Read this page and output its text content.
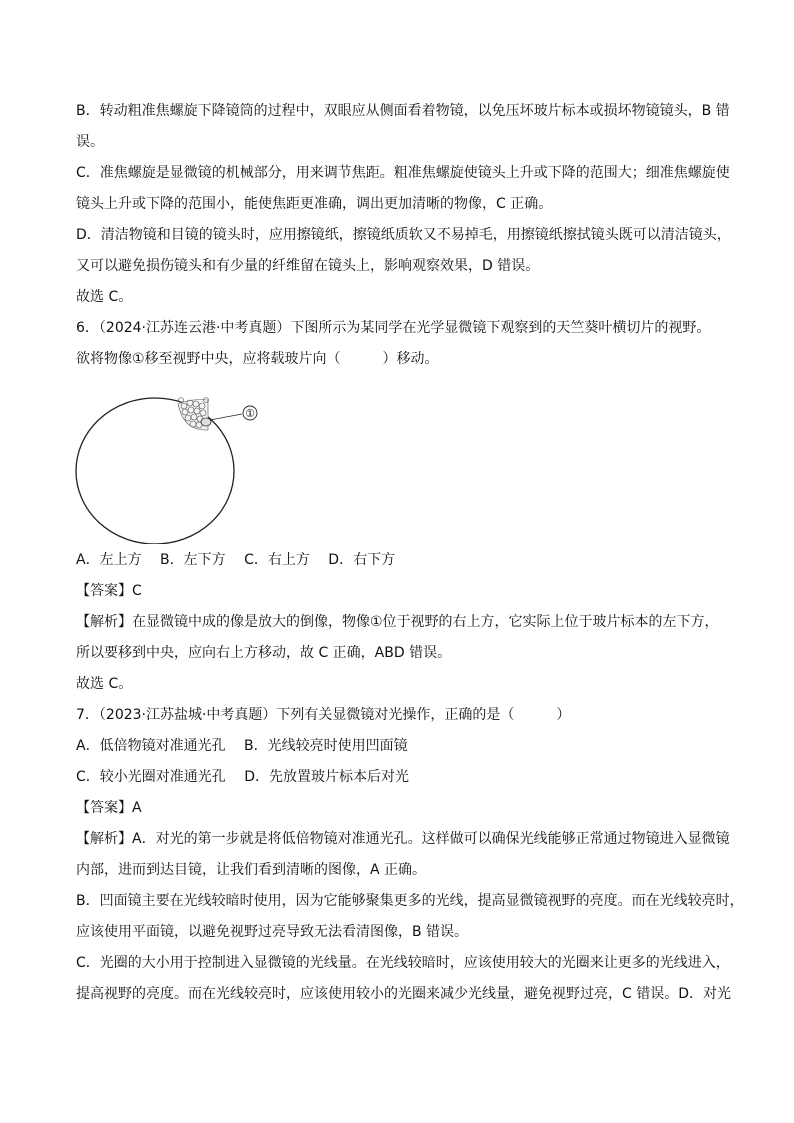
B．转动粗准焦螺旋下降镜筒的过程中，双眼应从侧面看着物镜，以免压坏玻片标本或损坏物镜镜头，B 错
误。
C．准焦螺旋是显微镜的机械部分，用来调节焦距。粗准焦螺旋使镜头上升或下降的范围大；细准焦螺旋使
镜头上升或下降的范围小，能使焦距更准确，调出更加清晰的物像，C 正确。
D．清洁物镜和目镜的镜头时，应用擦镜纸，擦镜纸质软又不易掉毛，用擦镜纸擦拭镜头既可以清洁镜头，
又可以避免损伤镜头和有少量的纤维留在镜头上，影响观察效果，D 错误。
故选 C。
6．（2024·江苏连云港·中考真题）下图所示为某同学在光学显微镜下观察到的天竺葵叶横切片的视野。
欲将物像①移至视野中央，应将载玻片向（　　　）移动。
①
A．左上方　 B．左下方　 C．右上方　 D．右下方
【答案】C
【解析】在显微镜中成的像是放大的倒像，物像①位于视野的右上方，它实际上位于玻片标本的左下方，
所以要移到中央，应向右上方移动，故 C 正确，ABD 错误。
故选 C。
7．（2023·江苏盐城·中考真题）下列有关显微镜对光操作，正确的是（　　　）
A．低倍物镜对准通光孔　 B．光线较亮时使用凹面镜
C．较小光圈对准通光孔　 D．先放置玻片标本后对光
【答案】A
【解析】A．对光的第一步就是将低倍物镜对准通光孔。这样做可以确保光线能够正常通过物镜进入显微镜
内部，进而到达目镜，让我们看到清晰的图像，A 正确。
B．凹面镜主要在光线较暗时使用，因为它能够聚集更多的光线，提高显微镜视野的亮度。而在光线较亮时，
应该使用平面镜，以避免视野过亮导致无法看清图像，B 错误。
C．光圈的大小用于控制进入显微镜的光线量。在光线较暗时，应该使用较大的光圈来让更多的光线进入，
提高视野的亮度。而在光线较亮时，应该使用较小的光圈来减少光线量，避免视野过亮，C 错误。D．对光
